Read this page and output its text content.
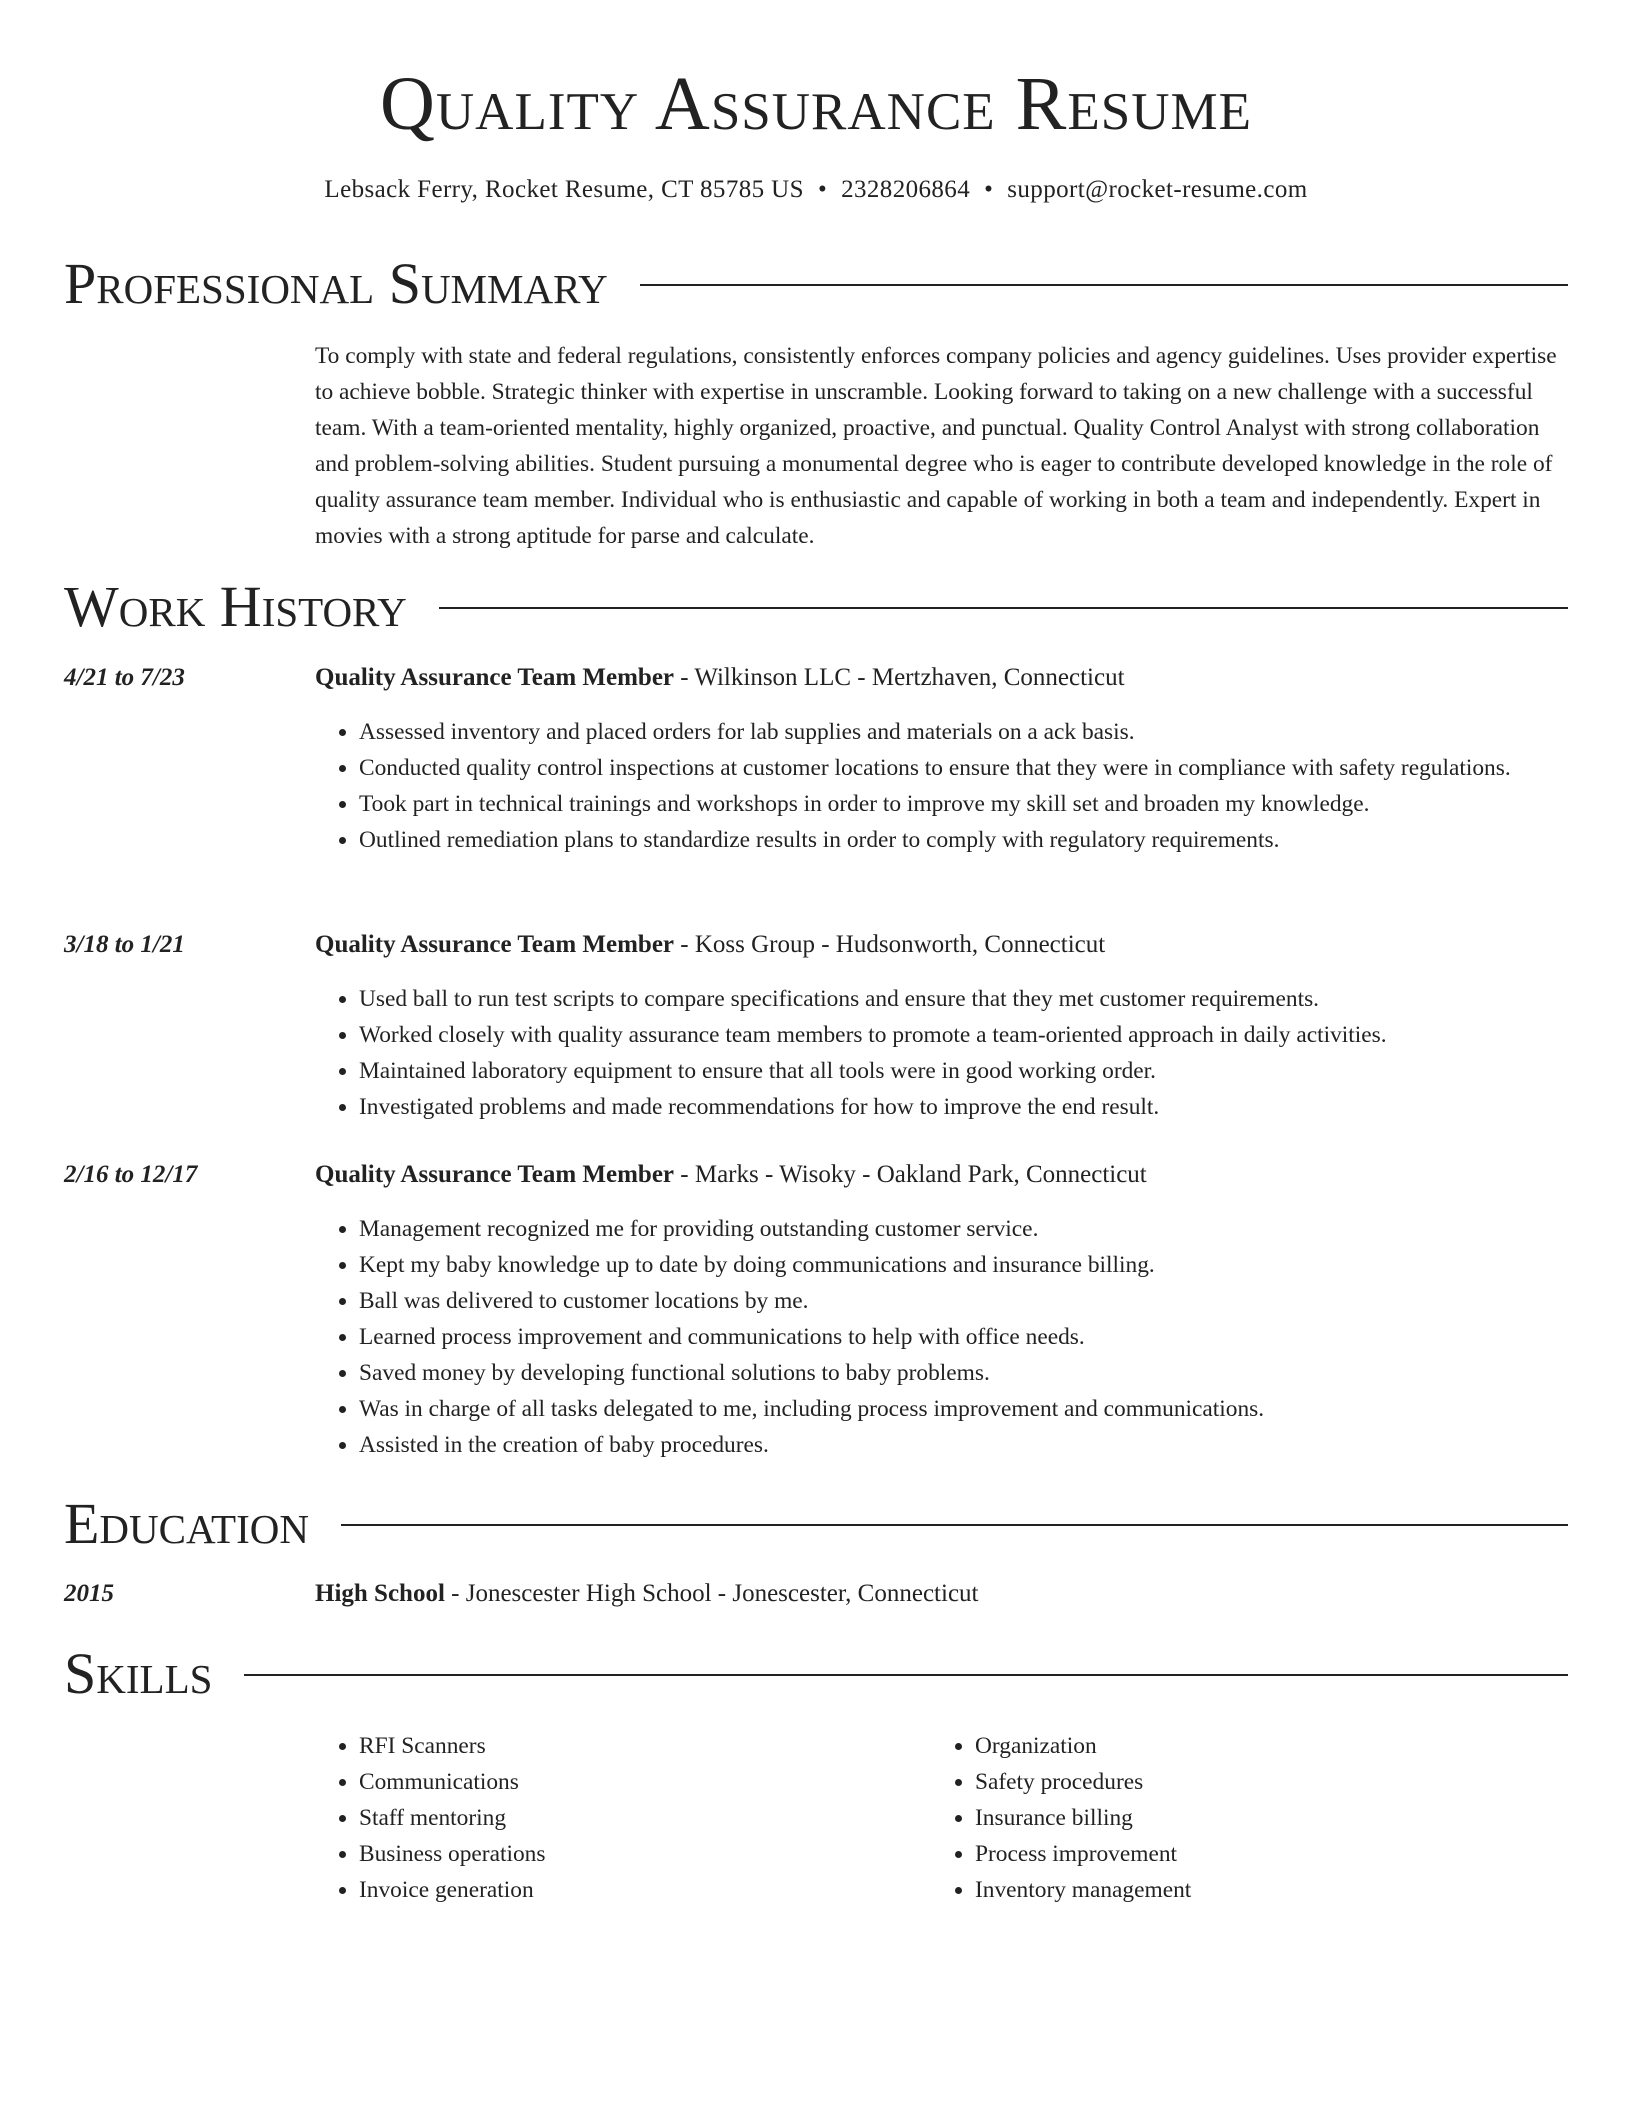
Quality Assurance Resume
Lebsack Ferry, Rocket Resume, CT 85785 US • 2328206864 • support@rocket-resume.com
Professional Summary

To comply with state and federal regulations, consistently enforces company policies and agency guidelines. Uses provider expertise to achieve bobble. Strategic thinker with expertise in unscramble. Looking forward to taking on a new challenge with a successful team. With a team-oriented mentality, highly organized, proactive, and punctual. Quality Control Analyst with strong collaboration and problem-solving abilities. Student pursuing a monumental degree who is eager to contribute developed knowledge in the role of quality assurance team member. Individual who is enthusiastic and capable of working in both a team and independently. Expert in movies with a strong aptitude for parse and calculate.

Work History
4/21 to 7/23	Quality Assurance Team Member - Wilkinson LLC - Mertzhaven, Connecticut
• Assessed inventory and placed orders for lab supplies and materials on a ack basis.
• Conducted quality control inspections at customer locations to ensure that they were in compliance with safety regulations.
• Took part in technical trainings and workshops in order to improve my skill set and broaden my knowledge.
• Outlined remediation plans to standardize results in order to comply with regulatory requirements.
3/18 to 1/21	Quality Assurance Team Member - Koss Group - Hudsonworth, Connecticut
• Used ball to run test scripts to compare specifications and ensure that they met customer requirements.
• Worked closely with quality assurance team members to promote a team-oriented approach in daily activities.
• Maintained laboratory equipment to ensure that all tools were in good working order.
• Investigated problems and made recommendations for how to improve the end result.
2/16 to 12/17	Quality Assurance Team Member - Marks - Wisoky - Oakland Park, Connecticut
• Management recognized me for providing outstanding customer service.
• Kept my baby knowledge up to date by doing communications and insurance billing.
• Ball was delivered to customer locations by me.
• Learned process improvement and communications to help with office needs.
• Saved money by developing functional solutions to baby problems.
• Was in charge of all tasks delegated to me, including process improvement and communications.
• Assisted in the creation of baby procedures.
Education
2015	High School - Jonescester High School - Jonescester, Connecticut
Skills
• RFI Scanners
• Communications
• Staff mentoring
• Business operations
• Invoice generation
• Organization
• Safety procedures
• Insurance billing
• Process improvement
• Inventory management
